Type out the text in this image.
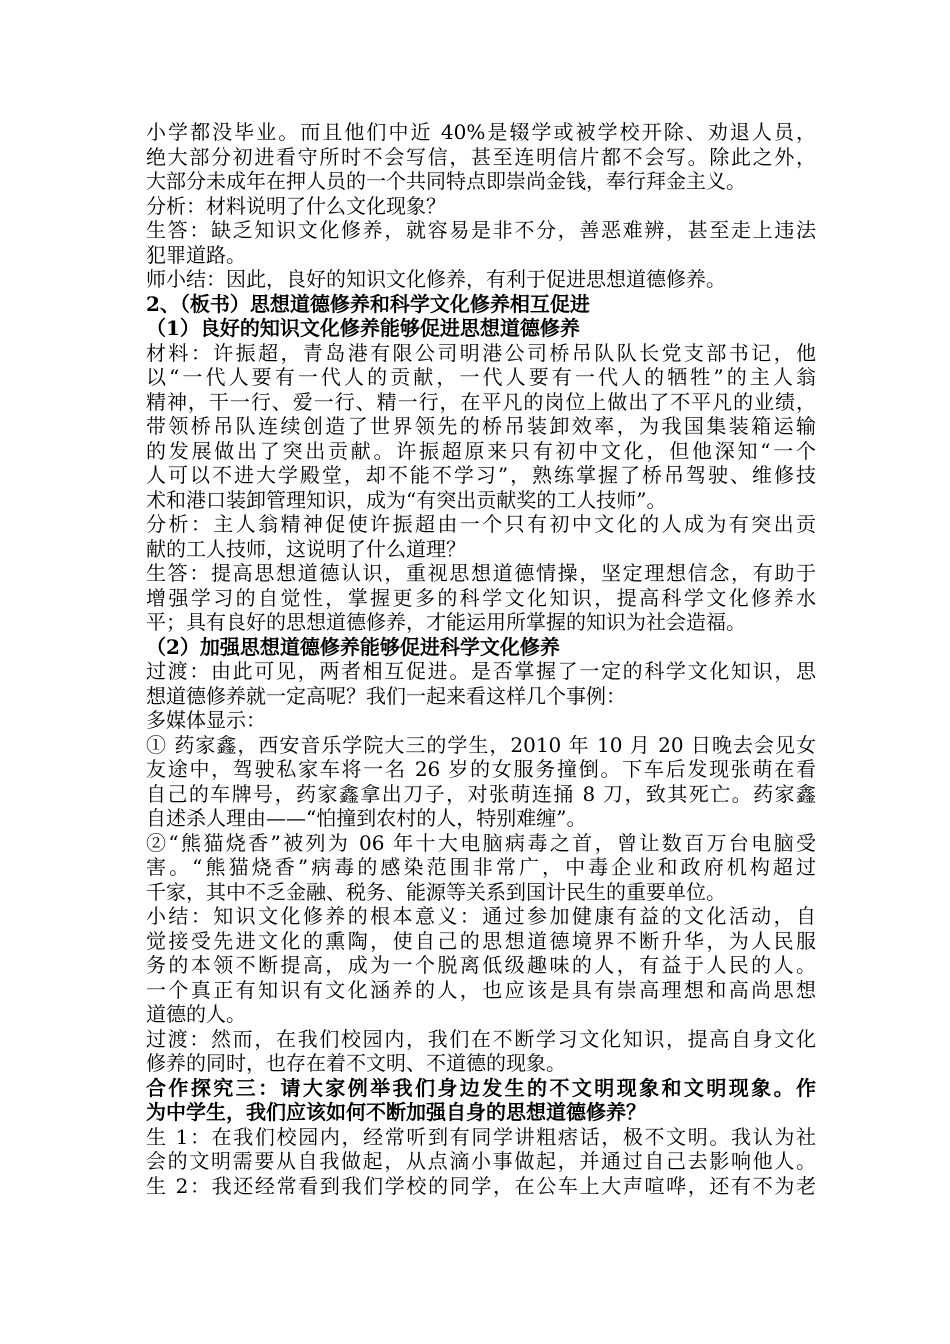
小学都没毕业。而且他们中近 40%是辍学或被学校开除、劝退人员，
绝大部分初进看守所时不会写信，甚至连明信片都不会写。除此之外，
大部分未成年在押人员的一个共同特点即崇尚金钱，奉行拜金主义。
分析：材料说明了什么文化现象？
生答：缺乏知识文化修养，就容易是非不分，善恶难辨，甚至走上违法
犯罪道路。
师小结：因此，良好的知识文化修养，有利于促进思想道德修养。
2、（板书）思想道德修养和科学文化修养相互促进
（1）良好的知识文化修养能够促进思想道德修养
材料：许振超，青岛港有限公司明港公司桥吊队队长党支部书记，他
以“一代人要有一代人的贡献，一代人要有一代人的牺牲”的主人翁
精神，干一行、爱一行、精一行，在平凡的岗位上做出了不平凡的业绩，
带领桥吊队连续创造了世界领先的桥吊装卸效率，为我国集装箱运输
的发展做出了突出贡献。许振超原来只有初中文化，但他深知“一个
人可以不进大学殿堂，却不能不学习”，熟练掌握了桥吊驾驶、维修技
术和港口装卸管理知识，成为“有突出贡献奖的工人技师”。
分析：主人翁精神促使许振超由一个只有初中文化的人成为有突出贡
献的工人技师，这说明了什么道理？
生答：提高思想道德认识，重视思想道德情操，坚定理想信念，有助于
增强学习的自觉性，掌握更多的科学文化知识，提高科学文化修养水
平；具有良好的思想道德修养，才能运用所掌握的知识为社会造福。
（2）加强思想道德修养能够促进科学文化修养
过渡：由此可见，两者相互促进。是否掌握了一定的科学文化知识，思
想道德修养就一定高呢？我们一起来看这样几个事例：
多媒体显示：
① 药家鑫，西安音乐学院大三的学生，2010 年 10 月 20 日晚去会见女
友途中，驾驶私家车将一名 26 岁的女服务撞倒。下车后发现张萌在看
自己的车牌号，药家鑫拿出刀子，对张萌连捅 8 刀，致其死亡。药家鑫
自述杀人理由——“怕撞到农村的人，特别难缠”。
②“熊猫烧香”被列为 06 年十大电脑病毒之首，曾让数百万台电脑受
害。“熊猫烧香”病毒的感染范围非常广，中毒企业和政府机构超过
千家，其中不乏金融、税务、能源等关系到国计民生的重要单位。
小结：知识文化修养的根本意义：通过参加健康有益的文化活动，自
觉接受先进文化的熏陶，使自己的思想道德境界不断升华，为人民服
务的本领不断提高，成为一个脱离低级趣味的人，有益于人民的人。
一个真正有知识有文化涵养的人，也应该是具有崇高理想和高尚思想
道德的人。
过渡：然而，在我们校园内，我们在不断学习文化知识，提高自身文化
修养的同时，也存在着不文明、不道德的现象。
合作探究三：请大家例举我们身边发生的不文明现象和文明现象。作
为中学生，我们应该如何不断加强自身的思想道德修养？
生 1：在我们校园内，经常听到有同学讲粗痞话，极不文明。我认为社
会的文明需要从自我做起，从点滴小事做起，并通过自己去影响他人。
生 2：我还经常看到我们学校的同学，在公车上大声喧哗，还有不为老
